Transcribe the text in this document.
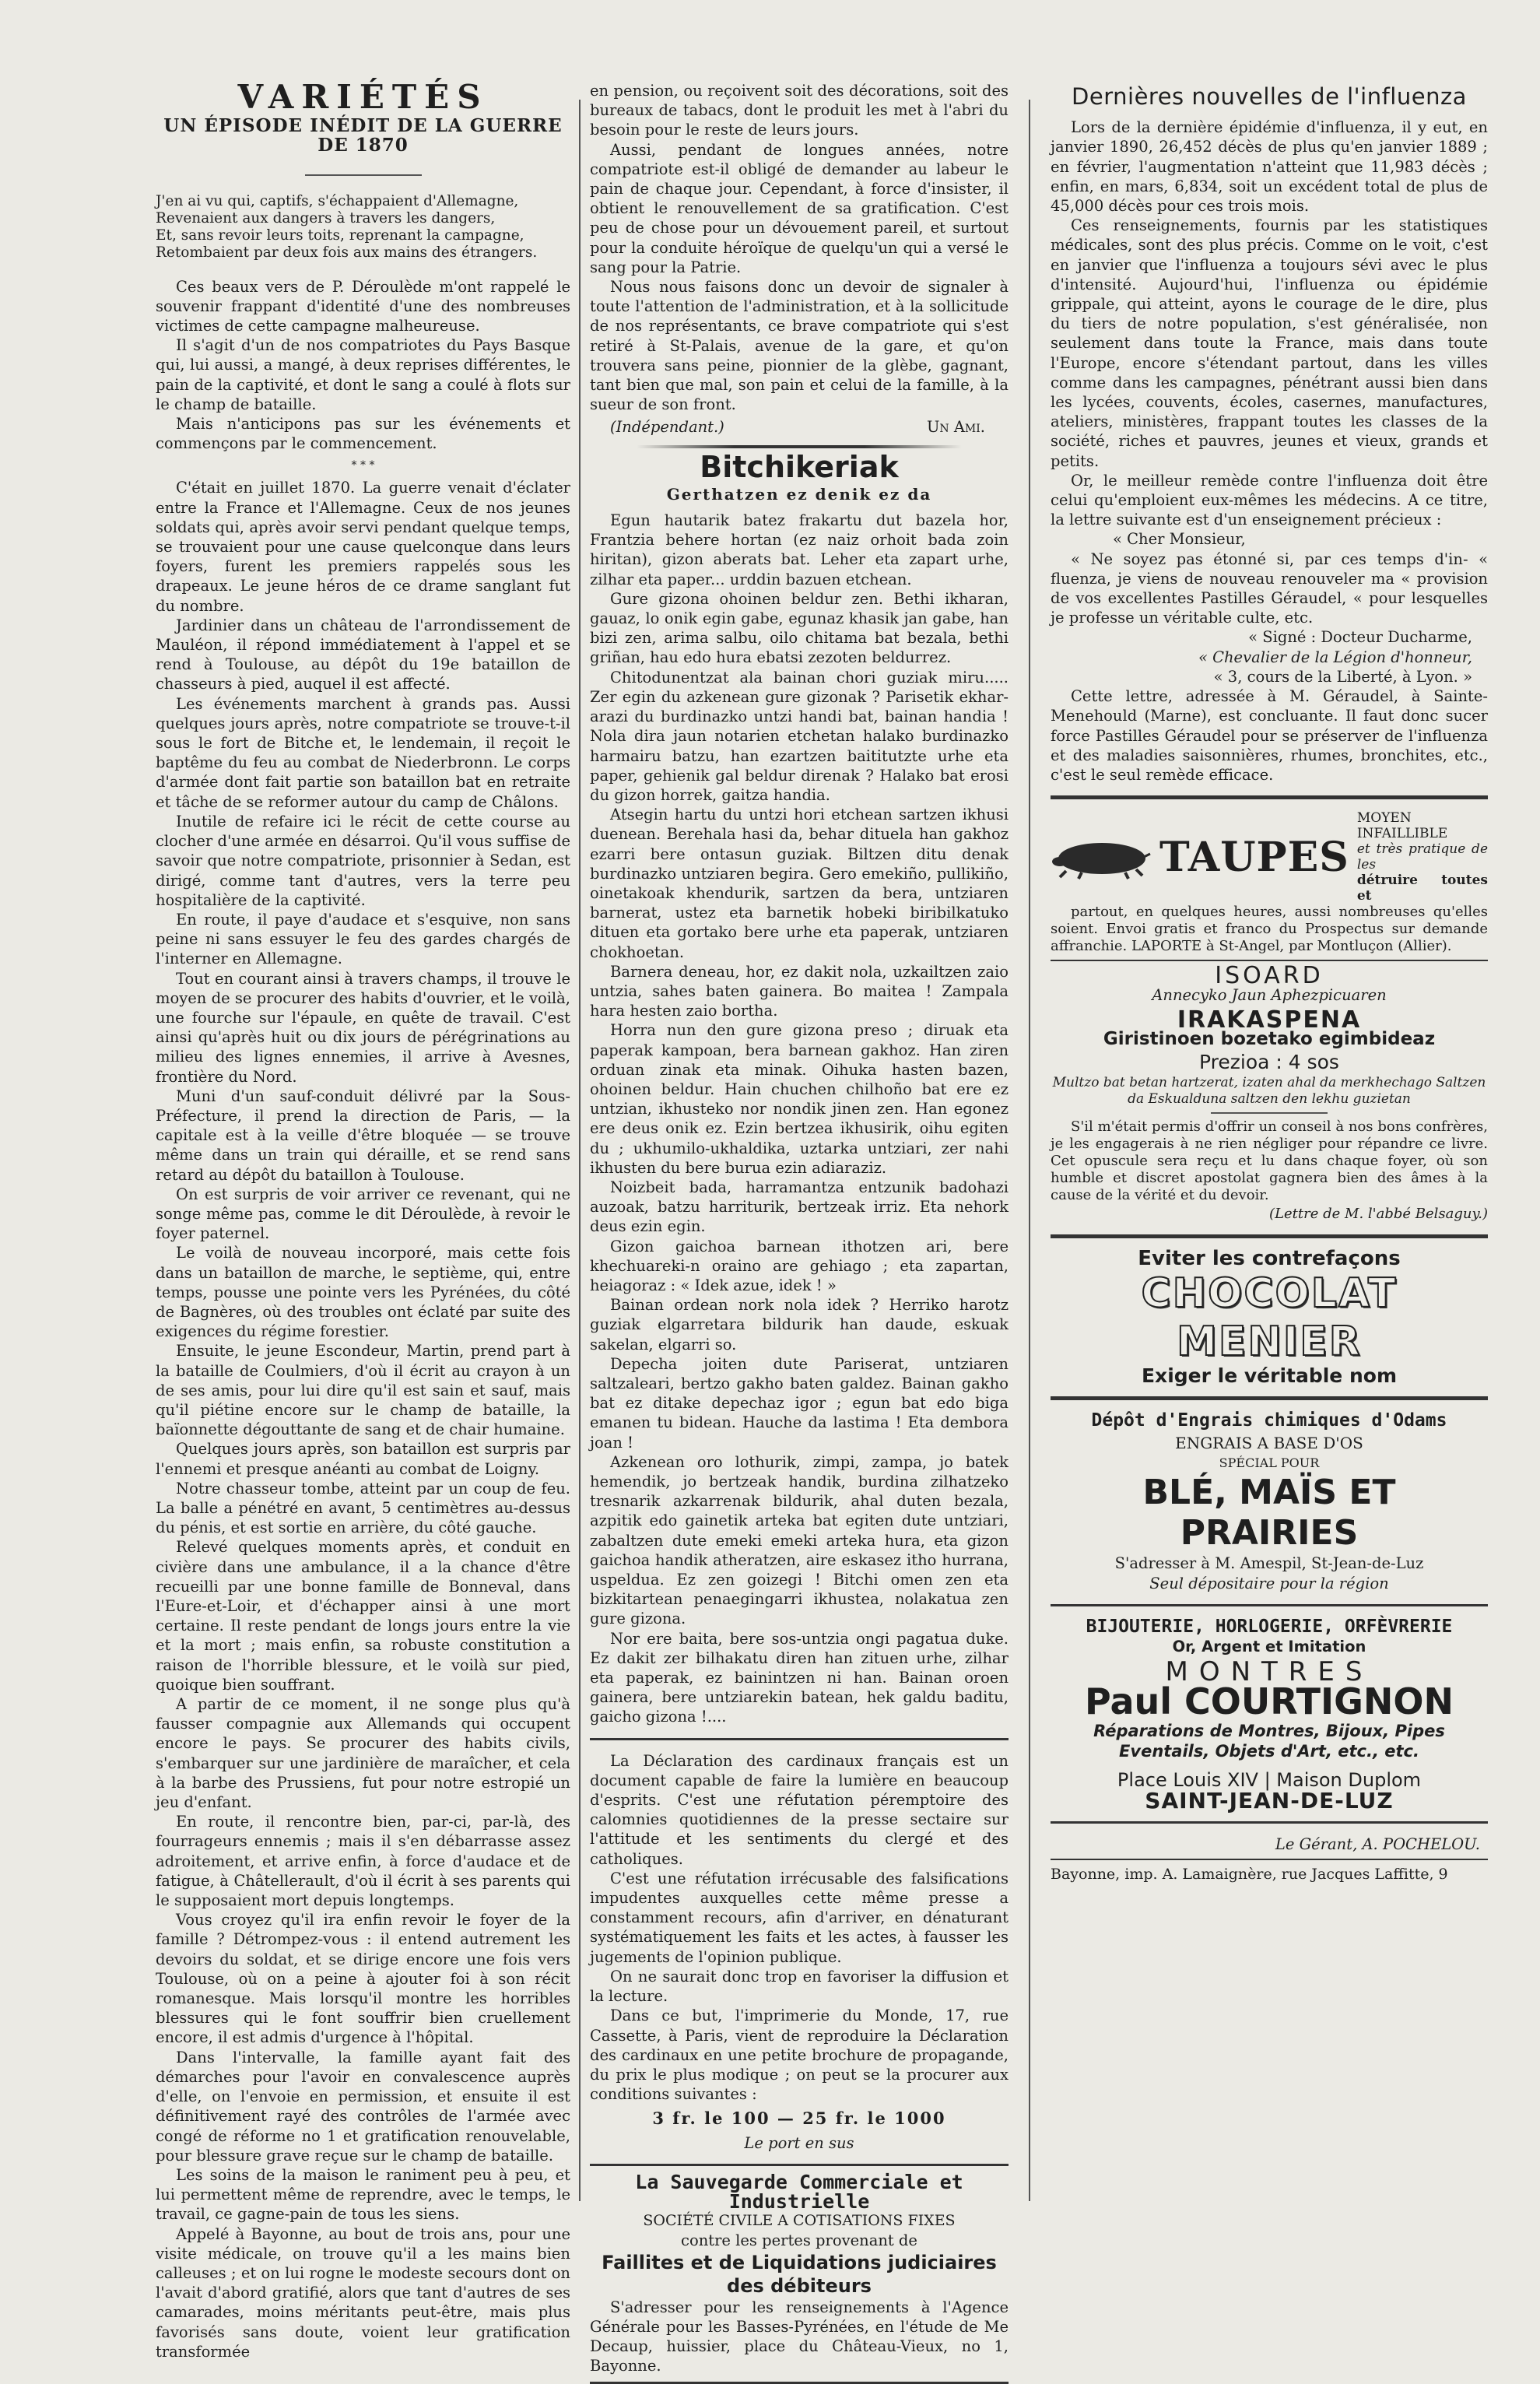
VARIÉTÉS
UN ÉPISODE INÉDIT DE LA GUERRE DE 1870
J'en ai vu qui, captifs, s'échappaient d'Allemagne,
Revenaient aux dangers à travers les dangers,
Et, sans revoir leurs toits, reprenant la campagne,
Retombaient par deux fois aux mains des étrangers.

Ces beaux vers de P. Déroulède m'ont rappelé le souvenir frappant d'identité d'une des nombreuses victimes de cette campagne malheureuse.

Il s'agit d'un de nos compatriotes du Pays Basque qui, lui aussi, a mangé, à deux reprises différentes, le pain de la captivité, et dont le sang a coulé à flots sur le champ de bataille.

Mais n'anticipons pas sur les événements et commençons par le commencement.

* * *

C'était en juillet 1870. La guerre venait d'éclater entre la France et l'Allemagne. Ceux de nos jeunes soldats qui, après avoir servi pendant quelque temps, se trouvaient pour une cause quelconque dans leurs foyers, furent les premiers rappelés sous les drapeaux. Le jeune héros de ce drame sanglant fut du nombre.

Jardinier dans un château de l'arrondissement de Mauléon, il répond immédiatement à l'appel et se rend à Toulouse, au dépôt du 19e bataillon de chasseurs à pied, auquel il est affecté.

Les événements marchent à grands pas. Aussi quelques jours après, notre compatriote se trouve-t-il sous le fort de Bitche et, le lendemain, il reçoit le baptême du feu au combat de Niederbronn. Le corps d'armée dont fait partie son bataillon bat en retraite et tâche de se reformer autour du camp de Châlons.

Inutile de refaire ici le récit de cette course au clocher d'une armée en désarroi. Qu'il vous suffise de savoir que notre compatriote, prisonnier à Sedan, est dirigé, comme tant d'autres, vers la terre peu hospitalière de la captivité.

En route, il paye d'audace et s'esquive, non sans peine ni sans essuyer le feu des gardes chargés de l'interner en Allemagne.

Tout en courant ainsi à travers champs, il trouve le moyen de se procurer des habits d'ouvrier, et le voilà, une fourche sur l'épaule, en quête de travail. C'est ainsi qu'après huit ou dix jours de pérégrinations au milieu des lignes ennemies, il arrive à Avesnes, frontière du Nord.

Muni d'un sauf-conduit délivré par la Sous-Préfecture, il prend la direction de Paris, — la capitale est à la veille d'être bloquée — se trouve même dans un train qui déraille, et se rend sans retard au dépôt du bataillon à Toulouse.

On est surpris de voir arriver ce revenant, qui ne songe même pas, comme le dit Déroulède, à revoir le foyer paternel.

Le voilà de nouveau incorporé, mais cette fois dans un bataillon de marche, le septième, qui, entre temps, pousse une pointe vers les Pyrénées, du côté de Bagnères, où des troubles ont éclaté par suite des exigences du régime forestier.

Ensuite, le jeune Escondeur, Martin, prend part à la bataille de Coulmiers, d'où il écrit au crayon à un de ses amis, pour lui dire qu'il est sain et sauf, mais qu'il piétine encore sur le champ de bataille, la baïonnette dégouttante de sang et de chair humaine.

Quelques jours après, son bataillon est surpris par l'ennemi et presque anéanti au combat de Loigny.

Notre chasseur tombe, atteint par un coup de feu. La balle a pénétré en avant, 5 centimètres au-dessus du pénis, et est sortie en arrière, du côté gauche.

Relevé quelques moments après, et conduit en civière dans une ambulance, il a la chance d'être recueilli par une bonne famille de Bonneval, dans l'Eure-et-Loir, et d'échapper ainsi à une mort certaine. Il reste pendant de longs jours entre la vie et la mort ; mais enfin, sa robuste constitution a raison de l'horrible blessure, et le voilà sur pied, quoique bien souffrant.

A partir de ce moment, il ne songe plus qu'à fausser compagnie aux Allemands qui occupent encore le pays. Se procurer des habits civils, s'embarquer sur une jardinière de maraîcher, et cela à la barbe des Prussiens, fut pour notre estropié un jeu d'enfant.

En route, il rencontre bien, par-ci, par-là, des fourrageurs ennemis ; mais il s'en débarrasse assez adroitement, et arrive enfin, à force d'audace et de fatigue, à Châtellerault, d'où il écrit à ses parents qui le supposaient mort depuis longtemps.

Vous croyez qu'il ira enfin revoir le foyer de la famille ? Détrompez-vous : il entend autrement les devoirs du soldat, et se dirige encore une fois vers Toulouse, où on a peine à ajouter foi à son récit romanesque. Mais lorsqu'il montre les horribles blessures qui le font souffrir bien cruellement encore, il est admis d'urgence à l'hôpital.

Dans l'intervalle, la famille ayant fait des démarches pour l'avoir en convalescence auprès d'elle, on l'envoie en permission, et ensuite il est définitivement rayé des contrôles de l'armée avec congé de réforme no 1 et gratification renouvelable, pour blessure grave reçue sur le champ de bataille.

Les soins de la maison le raniment peu à peu, et lui permettent même de reprendre, avec le temps, le travail, ce gagne-pain de tous les siens.

Appelé à Bayonne, au bout de trois ans, pour une visite médicale, on trouve qu'il a les mains bien calleuses ; et on lui rogne le modeste secours dont on l'avait d'abord gratifié, alors que tant d'autres de ses camarades, moins méritants peut-être, mais plus favorisés sans doute, voient leur gratification transformée

en pension, ou reçoivent soit des décorations, soit des bureaux de tabacs, dont le produit les met à l'abri du besoin pour le reste de leurs jours.

Aussi, pendant de longues années, notre compatriote est-il obligé de demander au labeur le pain de chaque jour. Cependant, à force d'insister, il obtient le renouvellement de sa gratification. C'est peu de chose pour un dévouement pareil, et surtout pour la conduite héroïque de quelqu'un qui a versé le sang pour la Patrie.

Nous nous faisons donc un devoir de signaler à toute l'attention de l'administration, et à la sollicitude de nos représentants, ce brave compatriote qui s'est retiré à St-Palais, avenue de la gare, et qu'on trouvera sans peine, pionnier de la glèbe, gagnant, tant bien que mal, son pain et celui de la famille, à la sueur de son front.

(Indépendant.)	Un Ami.
Bitchikeriak
Gerthatzen ez denik ez da

Egun hautarik batez frakartu dut bazela hor, Frantzia behere hortan (ez naiz orhoit bada zoin hiritan), gizon aberats bat. Leher eta zapart urhe, zilhar eta paper... urddin bazuen etchean.

Gure gizona ohoinen beldur zen. Bethi ikharan, gauaz, lo onik egin gabe, egunaz khasik jan gabe, han bizi zen, arima salbu, oilo chitama bat bezala, bethi griñan, hau edo hura ebatsi zezoten beldurrez.

Chitodunentzat ala bainan chori guziak miru..... Zer egin du azkenean gure gizonak ? Parisetik ekhar-arazi du burdinazko untzi handi bat, bainan handia ! Nola dira jaun notarien etchetan halako burdinazko harmairu batzu, han ezartzen baititutzte urhe eta paper, gehienik gal beldur direnak ? Halako bat erosi du gizon horrek, gaitza handia.

Atsegin hartu du untzi hori etchean sartzen ikhusi duenean. Berehala hasi da, behar dituela han gakhoz ezarri bere ontasun guziak. Biltzen ditu denak burdinazko untziaren begira. Gero emekiño, pullikiño, oinetakoak khendurik, sartzen da bera, untziaren barnerat, ustez eta barnetik hobeki biribilkatuko dituen eta gortako bere urhe eta paperak, untziaren chokhoetan.

Barnera deneau, hor, ez dakit nola, uzkailtzen zaio untzia, sahes baten gainera. Bo maitea ! Zampala hara hesten zaio bortha.

Horra nun den gure gizona preso ; diruak eta paperak kampoan, bera barnean gakhoz. Han ziren orduan zinak eta minak. Oihuka hasten bazen, ohoinen beldur. Hain chuchen chilhoño bat ere ez untzian, ikhusteko nor nondik jinen zen. Han egonez ere deus onik ez. Ezin bertzea ikhusirik, oihu egiten du ; ukhumilo-ukhaldika, uztarka untziari, zer nahi ikhusten du bere burua ezin adiaraziz.

Noizbeit bada, harramantza entzunik badohazi auzoak, batzu harriturik, bertzeak irriz. Eta nehork deus ezin egin.

Gizon gaichoa barnean ithotzen ari, bere khechuareki-n oraino are gehiago ; eta zapartan, heiagoraz : « Idek azue, idek ! »

Bainan ordean nork nola idek ? Herriko harotz guziak elgarretara bildurik han daude, eskuak sakelan, elgarri so.

Depecha joiten dute Pariserat, untziaren saltzaleari, bertzo gakho baten galdez. Bainan gakho bat ez ditake depechaz igor ; egun bat edo biga emanen tu bidean. Hauche da lastima ! Eta dembora joan !

Azkenean oro lothurik, zimpi, zampa, jo batek hemendik, jo bertzeak handik, burdina zilhatzeko tresnarik azkarrenak bildurik, ahal duten bezala, azpitik edo gainetik arteka bat egiten dute untziari, zabaltzen dute emeki emeki arteka hura, eta gizon gaichoa handik atheratzen, aire eskasez itho hurrana, uspelduа. Ez zen goizegi ! Bitchi omen zen eta bizkitartean penaegingarri ikhustea, nolakatua zen gure gizona.

Nor ere baita, bere sos-untzia ongi pagatua duke. Ez dakit zer bilhakatu diren han zituen urhe, zilhar eta paperak, ez bainintzen ni han. Bainan oroen gainera, bere untziarekin batean, hek galdu baditu, gaicho gizona !....

La Déclaration des cardinaux français est un document capable de faire la lumière en beaucoup d'esprits. C'est une réfutation péremptoire des calomnies quotidiennes de la presse sectaire sur l'attitude et les sentiments du clergé et des catholiques.

C'est une réfutation irrécusable des falsifications impudentes auxquelles cette même presse a constamment recours, afin d'arriver, en dénaturant systématiquement les faits et les actes, à fausser les jugements de l'opinion publique.

On ne saurait donc trop en favoriser la diffusion et la lecture.

Dans ce but, l'imprimerie du Monde, 17, rue Cassette, à Paris, vient de reproduire la Déclaration des cardinaux en une petite brochure de propagande, du prix le plus modique ; on peut se la procurer aux conditions suivantes :

3 fr. le 100 — 25 fr. le 1000
Le port en sus
La Sauvegarde Commerciale et Industrielle
SOCIÉTÉ CIVILE A COTISATIONS FIXES
contre les pertes provenant de
Faillites et de Liquidations judiciaires des débiteurs

S'adresser pour les renseignements à l'Agence Générale pour les Basses-Pyrénées, en l'étude de Me Decaup, huissier, place du Château-Vieux, no 1, Bayonne.

Dernières nouvelles de l'influenza

Lors de la dernière épidémie d'influenza, il y eut, en janvier 1890, 26,452 décès de plus qu'en janvier 1889 ; en février, l'augmentation n'atteint que 11,983 décès ; enfin, en mars, 6,834, soit un excédent total de plus de 45,000 décès pour ces trois mois.

Ces renseignements, fournis par les statistiques médicales, sont des plus précis. Comme on le voit, c'est en janvier que l'influenza a toujours sévi avec le plus d'intensité. Aujourd'hui, l'influenza ou épidémie grippale, qui atteint, ayons le courage de le dire, plus du tiers de notre population, s'est généralisée, non seulement dans toute la France, mais dans toute l'Europe, encore s'étendant partout, dans les villes comme dans les campagnes, pénétrant aussi bien dans les lycées, couvents, écoles, casernes, manufactures, ateliers, ministères, frappant toutes les classes de la société, riches et pauvres, jeunes et vieux, grands et petits.

Or, le meilleur remède contre l'influenza doit être celui qu'emploient eux-mêmes les médecins. A ce titre, la lettre suivante est d'un enseignement précieux :

« Cher Monsieur,

« Ne soyez pas étonné si, par ces temps d'in- « fluenza, je viens de nouveau renouveler ma « provision de vos excellentes Pastilles Géraudel, « pour lesquelles je professe un véritable culte, etc.

« Signé : Docteur Ducharme,

« Chevalier de la Légion d'honneur,

« 3, cours de la Liberté, à Lyon. »

Cette lettre, adressée à M. Géraudel, à Sainte-Menehould (Marne), est concluante. Il faut donc sucer force Pastilles Géraudel pour se préserver de l'influenza et des maladies saisonnières, rhumes, bronchites, etc., c'est le seul remède efficace.

TAUPES
MOYEN INFAILLIBLE
et très pratique de les
détruire toutes et

partout, en quelques heures, aussi nombreuses qu'elles soient. Envoi gratis et franco du Prospectus sur demande affranchie. LAPORTE à St-Angel, par Montluçon (Allier).

ISOARD
Annecyko Jaun Aphezpicuaren
IRAKASPENA
Giristinoen bozetako egimbideaz
Prezioa : 4 sos
Multzo bat betan hartzerat, izaten ahal da merkhechago Saltzen da Eskualduna saltzen den lekhu guzietan

S'il m'était permis d'offrir un conseil à nos bons confrères, je les engagerais à ne rien négliger pour répandre ce livre. Cet opuscule sera reçu et lu dans chaque foyer, où son humble et discret apostolat gagnera bien des âmes à la cause de la vérité et du devoir.

(Lettre de M. l'abbé Belsaguy.)
Eviter les contrefaçons
CHOCOLAT
MENIER
Exiger le véritable nom
Dépôt d'Engrais chimiques d'Odams
ENGRAIS A BASE D'OS
SPÉCIAL POUR
BLÉ, MAÏS ET PRAIRIES
S'adresser à M. Amespil, St-Jean-de-Luz
Seul dépositaire pour la région
BIJOUTERIE, HORLOGERIE, ORFÈVRERIE
Or, Argent et Imitation
MONTRES
Paul COURTIGNON
Réparations de Montres, Bijoux, Pipes Eventails, Objets d'Art, etc., etc.
Place Louis XIV | Maison Duplom
SAINT-JEAN-DE-LUZ
Le Gérant, A. POCHELOU.

Bayonne, imp. A. Lamaignère, rue Jacques Laffitte, 9
